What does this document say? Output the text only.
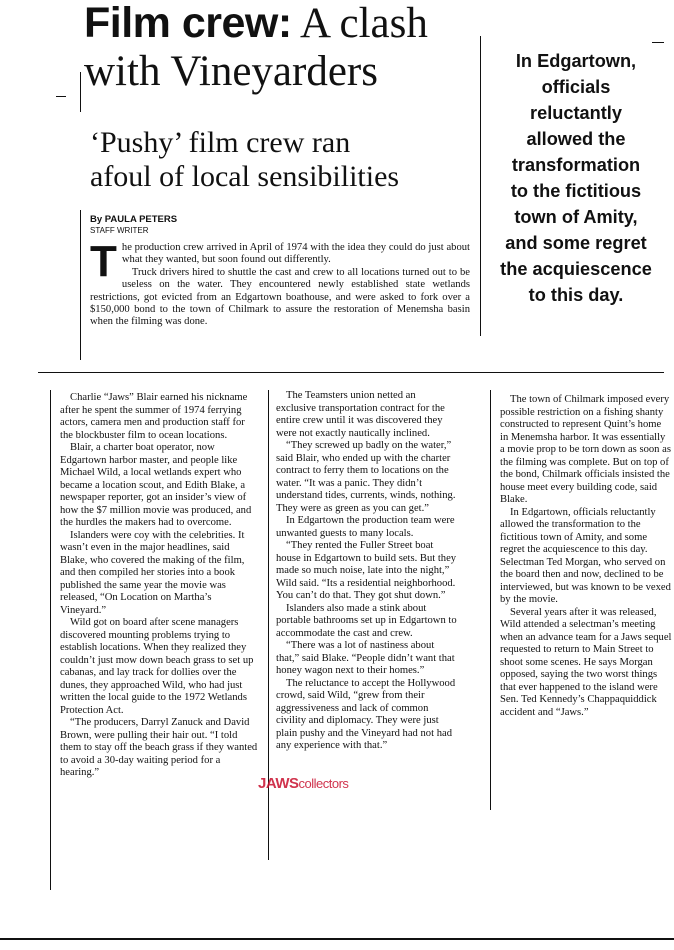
Film crew: A clash
with Vineyarders
‘Pushy’ film crew ran
afoul of local sensibilities
By PAULA PETERS
STAFF WRITER

The production crew arrived in April of 1974 with the idea they could do just about what they wanted, but soon found out differently.

Truck drivers hired to shuttle the cast and crew to all locations turned out to be useless on the water. They encountered newly established state wetlands restrictions, got evicted from an Edgartown boathouse, and were asked to fork over a $150,000 bond to the town of Chilmark to assure the restoration of Menemsha basin when the filming was done.

In Edgartown,
officials
reluctantly
allowed the
transformation
to the fictitious
town of Amity,
and some regret
the acquiescence
to this day.

Charlie “Jaws” Blair earned his nickname after he spent the summer of 1974 ferrying actors, camera men and production staff for the blockbuster film to ocean locations.

Blair, a charter boat operator, now Edgartown harbor master, and people like Michael Wild, a local wetlands expert who became a location scout, and Edith Blake, a newspaper reporter, got an insider’s view of how the $7 million movie was produced, and the hurdles the makers had to overcome.

Islanders were coy with the celebrities. It wasn’t even in the major headlines, said Blake, who covered the making of the film, and then compiled her stories into a book published the same year the movie was released, “On Location on Martha’s Vineyard.”

Wild got on board after scene managers discovered mounting problems trying to establish locations. When they realized they couldn’t just mow down beach grass to set up cabanas, and lay track for dollies over the dunes, they approached Wild, who had just written the local guide to the 1972 Wetlands Protection Act.

“The producers, Darryl Zanuck and David Brown, were pulling their hair out. “I told them to stay off the beach grass if they wanted to avoid a 30-day waiting period for a hearing.”

The Teamsters union netted an exclusive transportation contract for the entire crew until it was discovered they were not exactly nautically inclined.

“They screwed up badly on the water,” said Blair, who ended up with the charter contract to ferry them to locations on the water. “It was a panic. They didn’t understand tides, currents, winds, nothing. They were as green as you can get.”

In Edgartown the production team were unwanted guests to many locals.

“They rented the Fuller Street boat house in Edgartown to build sets. But they made so much noise, late into the night,” Wild said. “Its a residential neighborhood. You can’t do that. They got shut down.”

Islanders also made a stink about portable bathrooms set up in Edgartown to accommodate the cast and crew.

“There was a lot of nastiness about that,” said Blake. “People didn’t want that honey wagon next to their homes.”

The reluctance to accept the Hollywood crowd, said Wild, “grew from their aggressiveness and lack of common civility and diplomacy. They were just plain pushy and the Vineyard had not had any experience with that.”

The town of Chilmark imposed every possible restriction on a fishing shanty constructed to represent Quint’s home in Menemsha harbor. It was essentially a movie prop to be torn down as soon as the filming was complete. But on top of the bond, Chilmark officials insisted the house meet every building code, said Blake.

In Edgartown, officials reluctantly allowed the transformation to the fictitious town of Amity, and some regret the acquiescence to this day. Selectman Ted Morgan, who served on the board then and now, declined to be interviewed, but was known to be vexed by the movie.

Several years after it was released, Wild attended a selectman’s meeting when an advance team for a Jaws sequel requested to return to Main Street to shoot some scenes. He says Morgan opposed, saying the two worst things that ever happened to the island were Sen. Ted Kennedy’s Chappaquiddick accident and “Jaws.”

JAWScollectors
